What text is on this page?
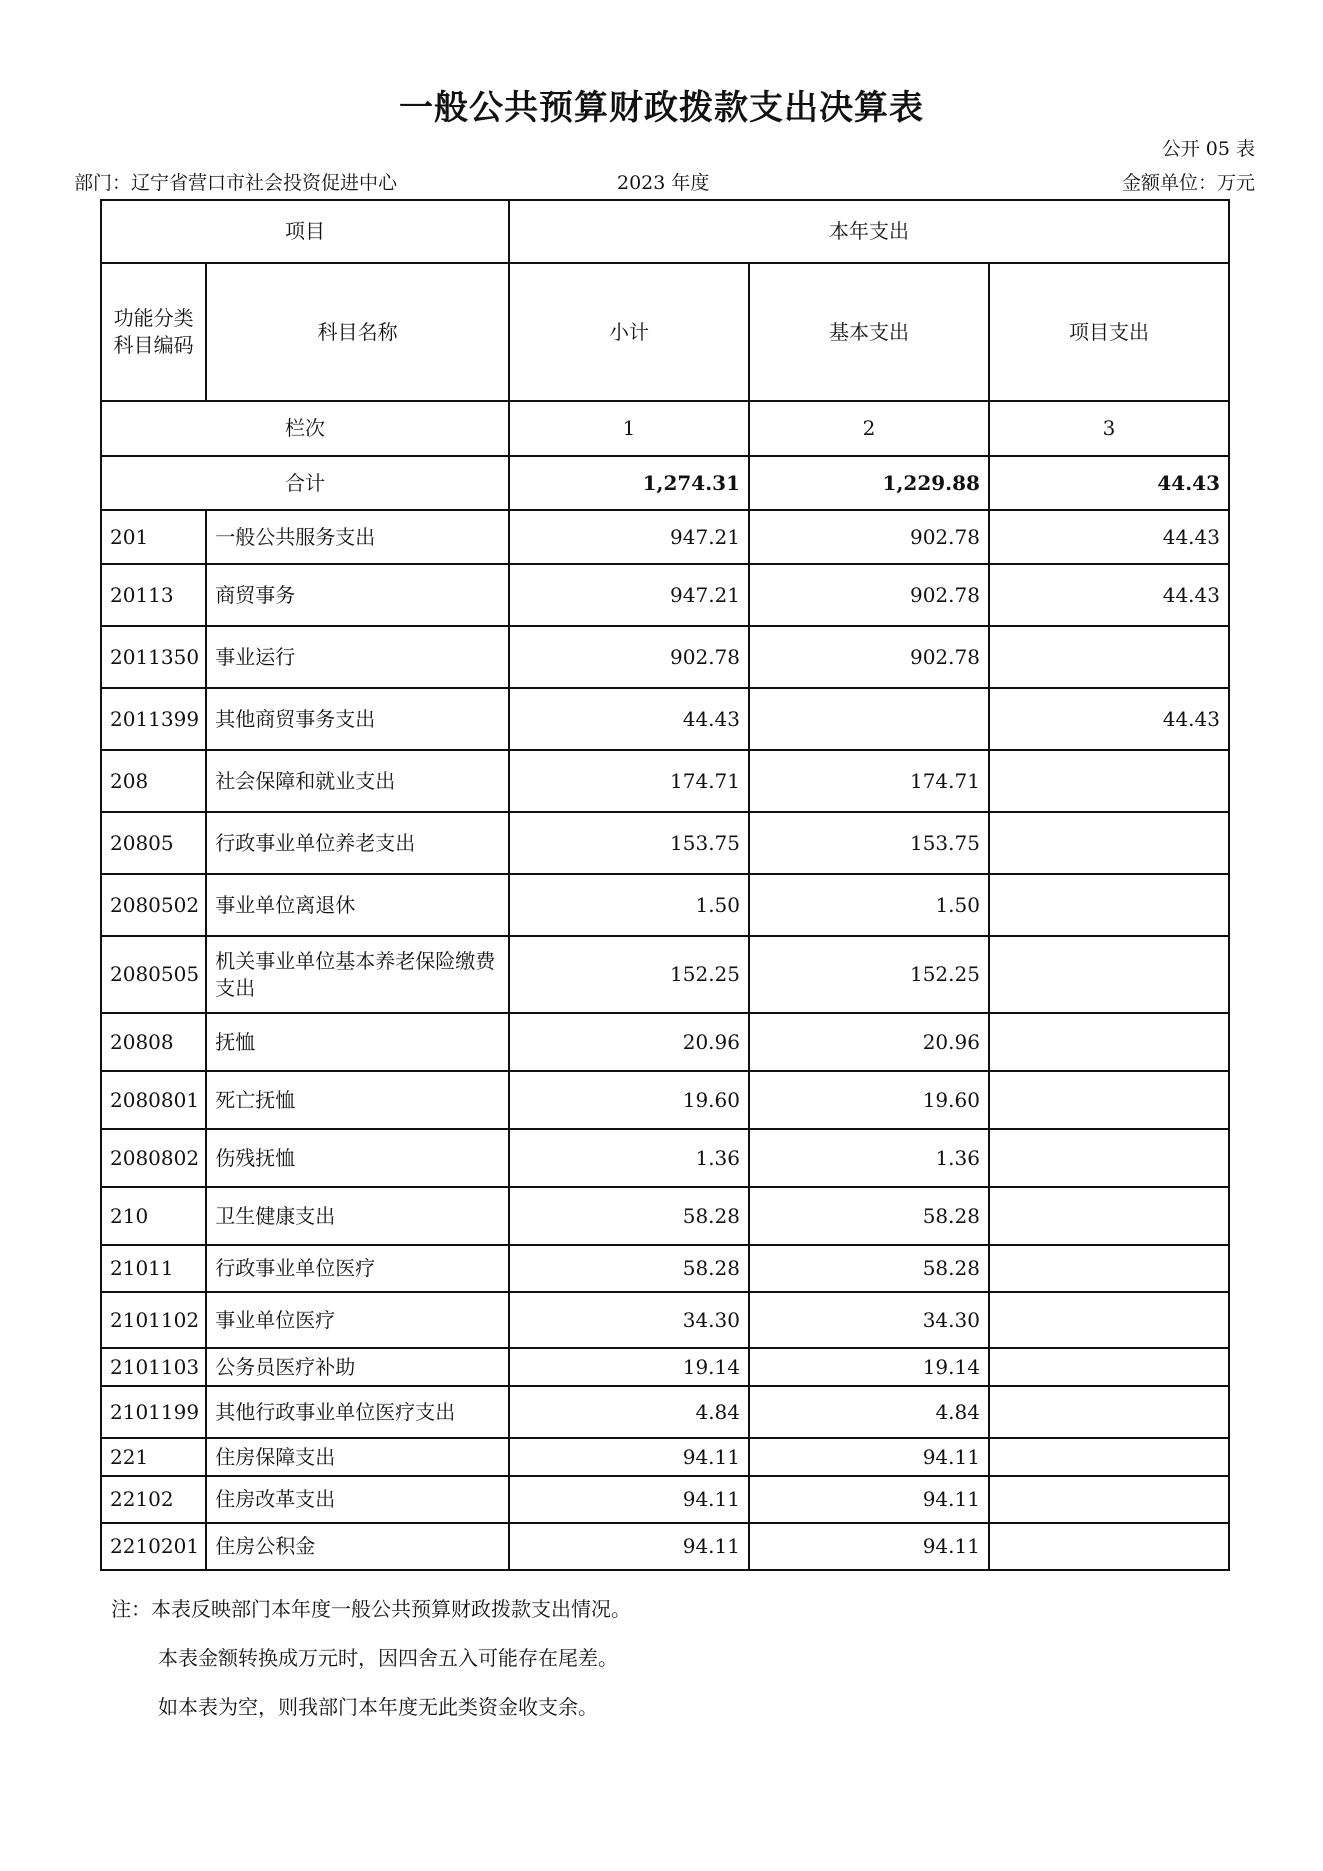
一般公共预算财政拨款支出决算表
公开 05 表
部门：辽宁省营口市社会投资促进中心	2023 年度	金额单位：万元
项目		本年支出		
功能分类科目编码	科目名称	小计	基本支出	项目支出
栏次		1	2	3
合计		1,274.31	1,229.88	44.43
201	一般公共服务支出	947.21	902.78	44.43
20113	商贸事务	947.21	902.78	44.43
2011350	事业运行	902.78	902.78	
2011399	其他商贸事务支出	44.43		44.43
208	社会保障和就业支出	174.71	174.71	
20805	行政事业单位养老支出	153.75	153.75	
2080502	事业单位离退休	1.50	1.50	
2080505	机关事业单位基本养老保险缴费支出	152.25	152.25	
20808	抚恤	20.96	20.96	
2080801	死亡抚恤	19.60	19.60	
2080802	伤残抚恤	1.36	1.36	
210	卫生健康支出	58.28	58.28	
21011	行政事业单位医疗	58.28	58.28	
2101102	事业单位医疗	34.30	34.30	
2101103	公务员医疗补助	19.14	19.14	
2101199	其他行政事业单位医疗支出	4.84	4.84	
221	住房保障支出	94.11	94.11	
22102	住房改革支出	94.11	94.11	
2210201	住房公积金	94.11	94.11	
注：本表反映部门本年度一般公共预算财政拨款支出情况。
本表金额转换成万元时，因四舍五入可能存在尾差。
如本表为空，则我部门本年度无此类资金收支余。
